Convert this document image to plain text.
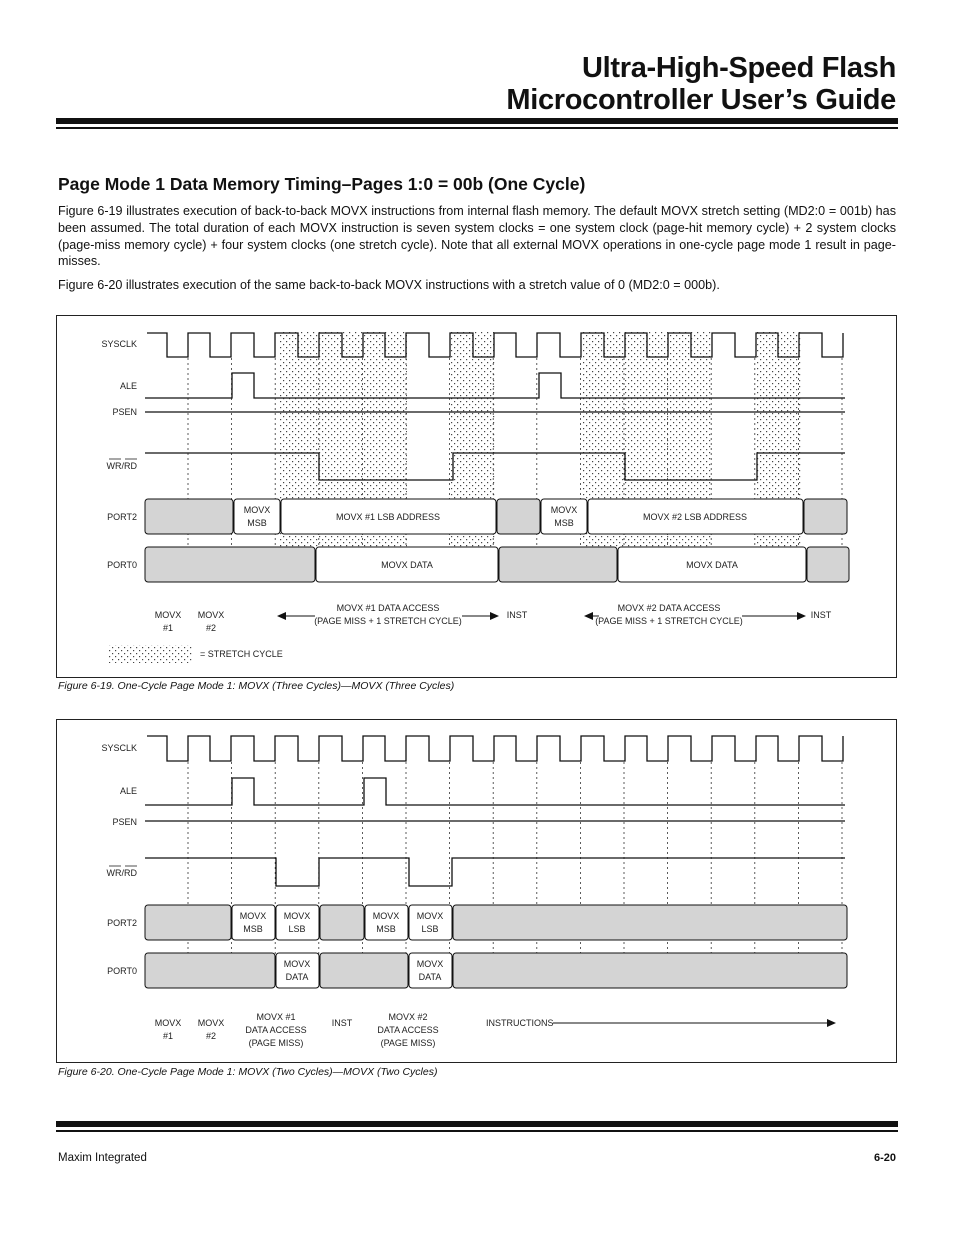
Ultra-High-Speed Flash
Microcontroller User’s Guide
Page Mode 1 Data Memory Timing–Pages 1:0 = 00b (One Cycle)

Figure 6-19 illustrates execution of back-to-back MOVX instructions from internal flash memory. The default MOVX stretch setting (MD2:0 = 001b) has been assumed. The total duration of each MOVX instruction is seven system clocks = one system clock (page-hit memory cycle) + 2 system clocks (page-miss memory cycle) + four system clocks (one stretch cycle). Note that all external MOVX operations in one-cycle page mode 1 result in page-misses.

Figure 6-20 illustrates execution of the same back-to-back MOVX instructions with a stretch value of 0 (MD2:0 = 000b).

SYSCLK
ALE
PSEN
WR/RD
PORT2
PORT0
MOVX
MSB
MOVX #1 LSB ADDRESS
MOVX
MSB
MOVX #2 LSB ADDRESS
MOVX DATA	MOVX DATA
MOVX
#1
MOVX
#2
MOVX #1 DATA ACCESS
(PAGE MISS + 1 STRETCH CYCLE)
INST
MOVX #2 DATA ACCESS
(PAGE MISS + 1 STRETCH CYCLE)
INST
= STRETCH CYCLE
Figure 6-19. One-Cycle Page Mode 1: MOVX (Three Cycles)—MOVX (Three Cycles)
SYSCLK
ALE
PSEN
WR/RD
PORT2
PORT0
MOVX
MSB
MOVX
LSB
MOVX
MSB
MOVX
LSB
MOVX
DATA
MOVX
DATA
MOVX
#1
MOVX
#2
MOVX #1
DATA ACCESS
(PAGE MISS)
INST
MOVX #2
DATA ACCESS
(PAGE MISS)
INSTRUCTIONS
Figure 6-20. One-Cycle Page Mode 1: MOVX (Two Cycles)—MOVX (Two Cycles)
Maxim Integrated	6-20
